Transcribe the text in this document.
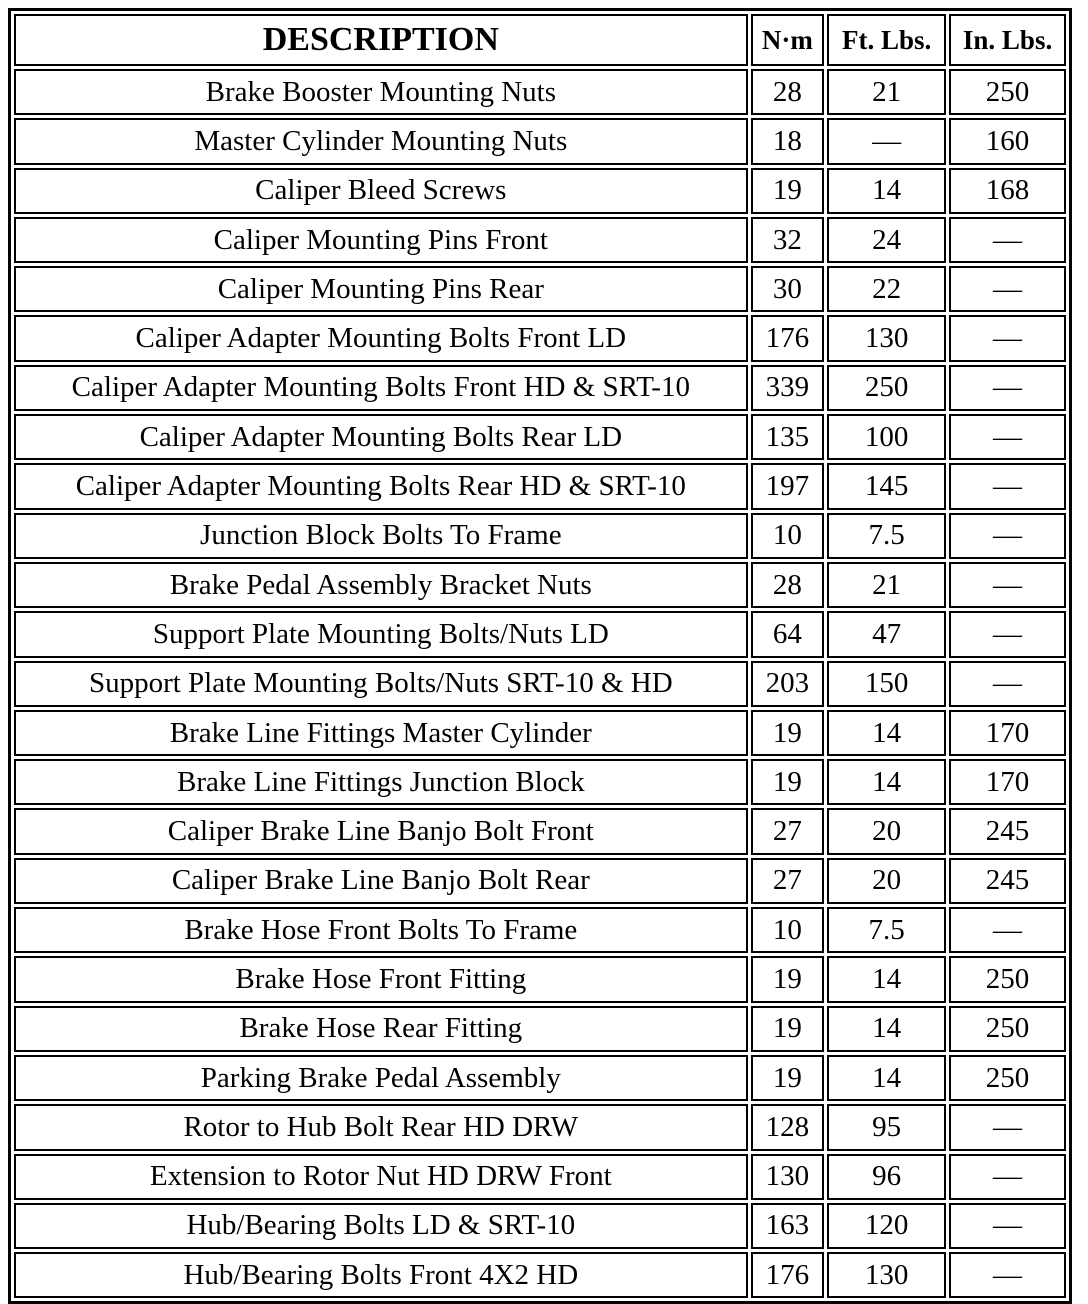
DESCRIPTION	N·m	Ft. Lbs.	In. Lbs.
Brake Booster Mounting Nuts	28	21	250
Master Cylinder Mounting Nuts	18	—	160
Caliper Bleed Screws	19	14	168
Caliper Mounting Pins Front	32	24	—
Caliper Mounting Pins Rear	30	22	—
Caliper Adapter Mounting Bolts Front LD	176	130	—
Caliper Adapter Mounting Bolts Front HD & SRT-10	339	250	—
Caliper Adapter Mounting Bolts Rear LD	135	100	—
Caliper Adapter Mounting Bolts Rear HD & SRT-10	197	145	—
Junction Block Bolts To Frame	10	7.5	—
Brake Pedal Assembly Bracket Nuts	28	21	—
Support Plate Mounting Bolts/Nuts LD	64	47	—
Support Plate Mounting Bolts/Nuts SRT-10 & HD	203	150	—
Brake Line Fittings Master Cylinder	19	14	170
Brake Line Fittings Junction Block	19	14	170
Caliper Brake Line Banjo Bolt Front	27	20	245
Caliper Brake Line Banjo Bolt Rear	27	20	245
Brake Hose Front Bolts To Frame	10	7.5	—
Brake Hose Front Fitting	19	14	250
Brake Hose Rear Fitting	19	14	250
Parking Brake Pedal Assembly	19	14	250
Rotor to Hub Bolt Rear HD DRW	128	95	—
Extension to Rotor Nut HD DRW Front	130	96	—
Hub/Bearing Bolts LD & SRT-10	163	120	—
Hub/Bearing Bolts Front 4X2 HD	176	130	—
